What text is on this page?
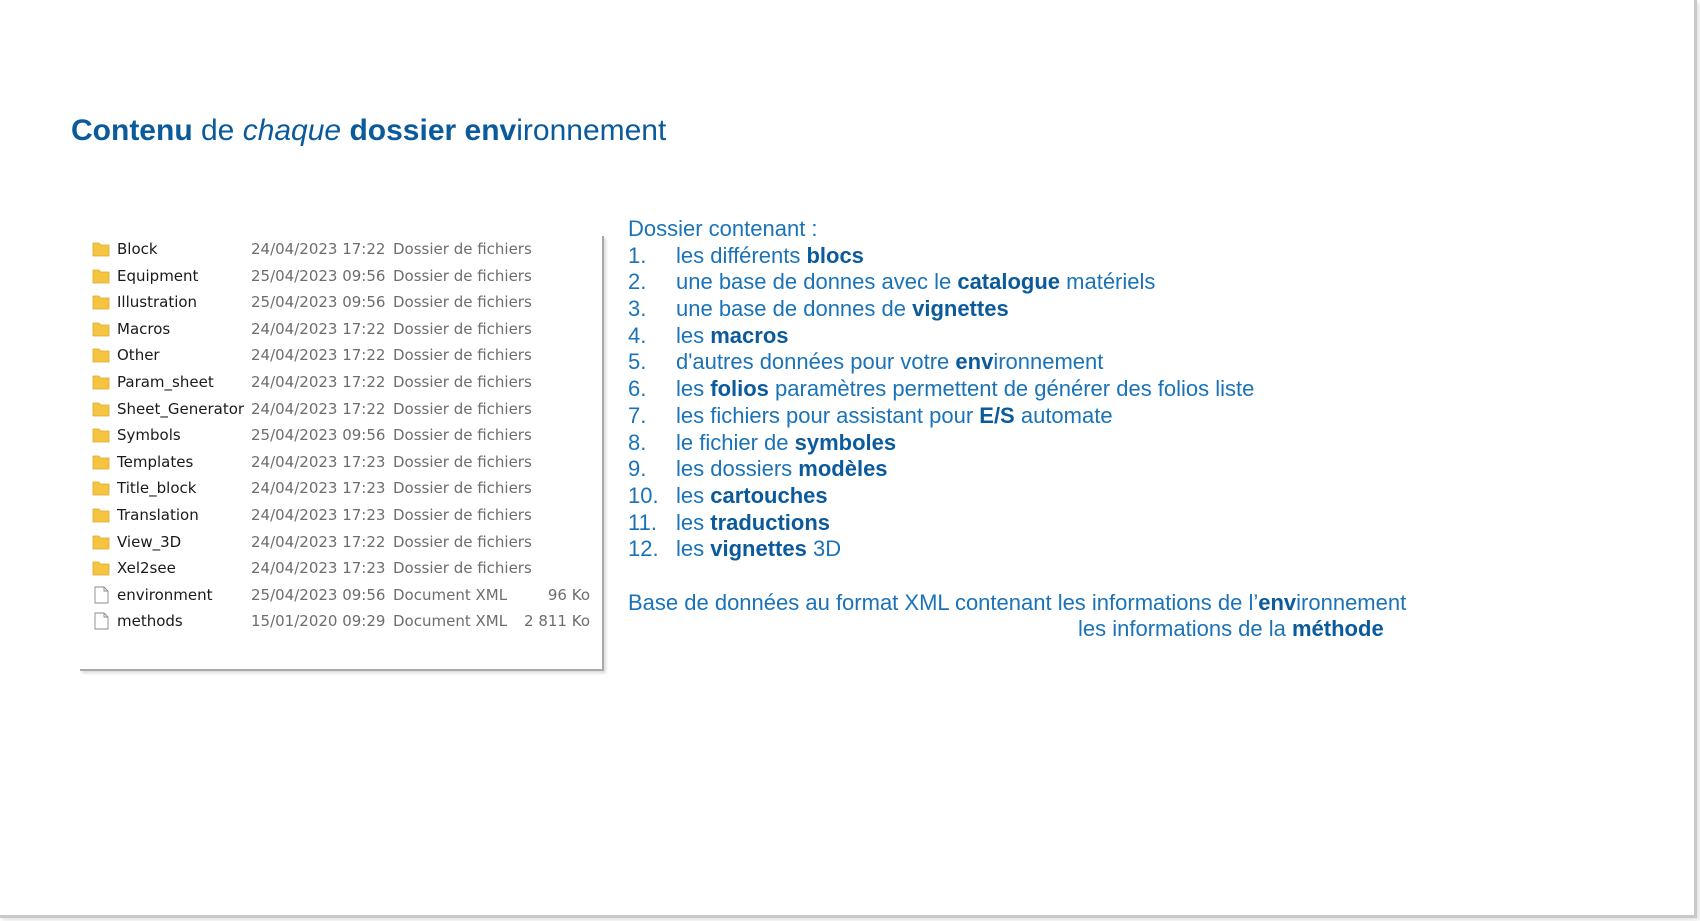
Contenu de chaque dossier environnement
Block	24/04/2023 17:22 Dossier de fichiers
Equipment	25/04/2023 09:56 Dossier de fichiers
Illustration	25/04/2023 09:56 Dossier de fichiers
Macros	24/04/2023 17:22 Dossier de fichiers
Other	24/04/2023 17:22 Dossier de fichiers
Param_sheet 24/04/2023 17:22 Dossier de fichiers
Sheet_Generator 24/04/2023 17:22 Dossier de fichiers
Symbols	25/04/2023 09:56 Dossier de fichiers
Templates	24/04/2023 17:23 Dossier de fichiers
Title_block	24/04/2023 17:23 Dossier de fichiers
Translation	24/04/2023 17:23 Dossier de fichiers
View_3D	24/04/2023 17:22 Dossier de fichiers
Xel2see	24/04/2023 17:23 Dossier de fichiers
environment	25/04/2023 09:56 Document XML	96 Ko
methods	15/01/2020 09:29 Document XML 2 811 Ko
Dossier contenant :
1. les différents blocs
2. une base de donnes avec le catalogue matériels
3. une base de donnes de vignettes
4. les macros
5. d'autres données pour votre environnement
6. les folios paramètres permettent de générer des folios liste
7. les fichiers pour assistant pour E/S automate
8. le fichier de symboles
9. les dossiers modèles
10. les cartouches
11. les traductions
12. les vignettes 3D
Base de données au format XML contenant les informations de l’environnement
les informations de la méthode
